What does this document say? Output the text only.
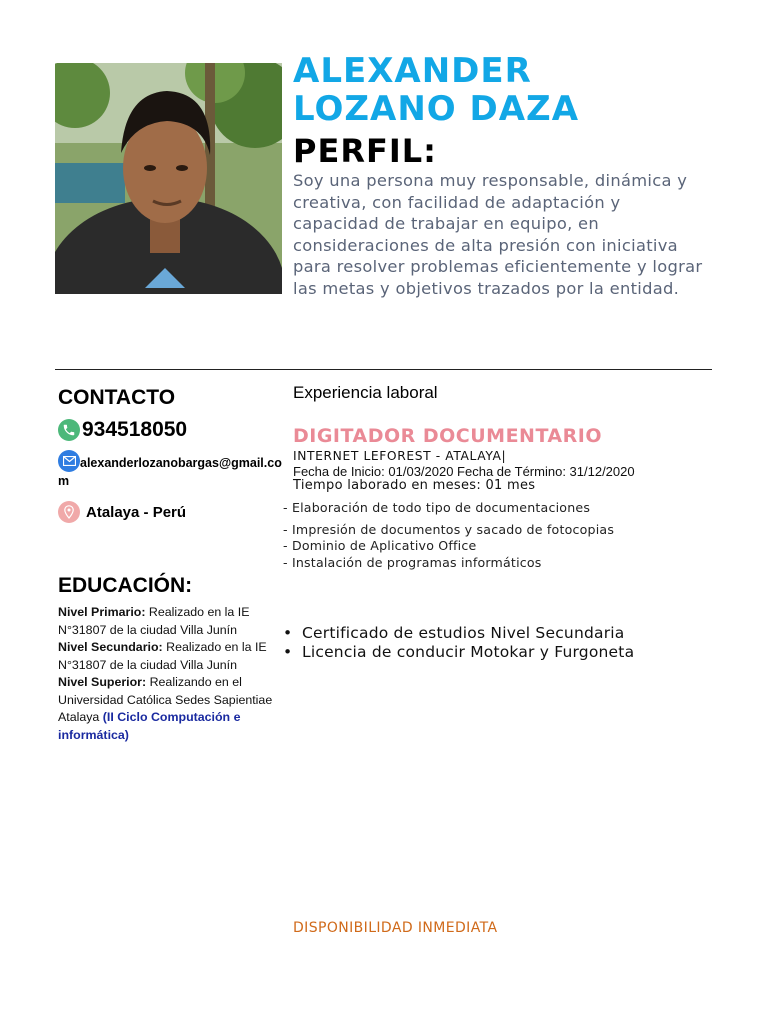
ALEXANDER
LOZANO DAZA
PERFIL:
Soy una persona muy responsable, dinámica y creativa, con facilidad de adaptación y capacidad de trabajar en equipo, en consideraciones de alta presión con iniciativa para resolver problemas eficientemente y lograr las metas y objetivos trazados por la entidad.
CONTACTO
934518050
alexanderlozanobargas@gmail.com
Atalaya - Perú
EDUCACIÓN:
Nivel Primario: Realizado en la IE N°31807 de la ciudad Villa Junín
Nivel Secundario: Realizado en la IE N°31807 de la ciudad Villa Junín
Nivel Superior: Realizando en el Universidad Católica Sedes Sapientiae Atalaya (II Ciclo Computación e informática)
Experiencia laboral
DIGITADOR DOCUMENTARIO
INTERNET LEFOREST - ATALAYA|
Fecha de Inicio: 01/03/2020 Fecha de Término: 31/12/2020
Tiempo laborado en meses: 01 mes
- Elaboración de todo tipo de documentaciones
- Impresión de documentos y sacado de fotocopias
- Dominio de Aplicativo Office
- Instalación de programas informáticos
• Certificado de estudios Nivel Secundaria
• Licencia de conducir Motokar y Furgoneta
DISPONIBILIDAD INMEDIATA
